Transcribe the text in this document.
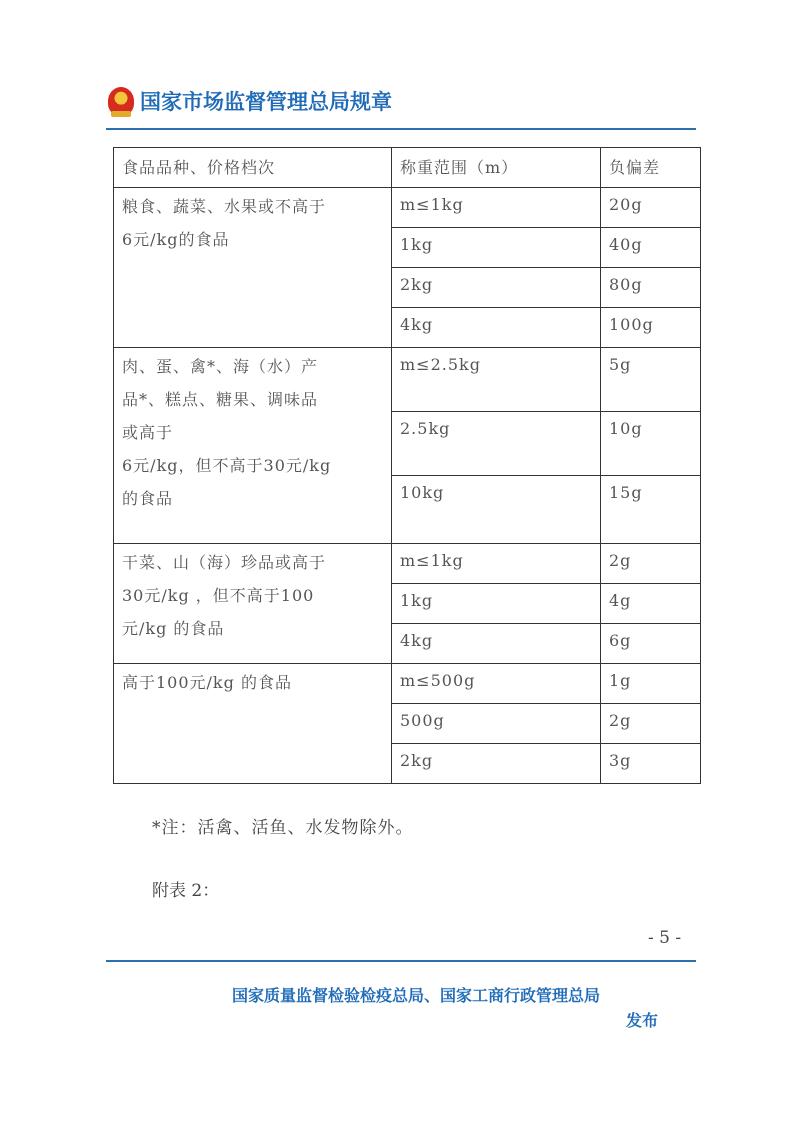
国家市场监督管理总局规章
食品品种、价格档次	称重范围（m）	负偏差

粮食、蔬菜、水果或不高于
6元/kg的食品	m≤1kg	20g
	1kg	40g
	2kg	80g
	4kg	100g

肉、蛋、禽*、海（水）产
品*、糕点、糖果、调味品
或高于
6元/kg，但不高于30元/kg
的食品	m≤2.5kg	5g
	2.5kg	10g
	10kg	15g

干菜、山（海）珍品或高于
30元/kg ，但不高于100
元/kg 的食品	m≤1kg	2g
	1kg	4g
	4kg	6g

高于100元/kg 的食品	m≤500g	1g
	500g	2g
	2kg	3g
*注：活禽、活鱼、水发物除外。
附表 2：
- 5 -
国家质量监督检验检疫总局、国家工商行政管理总局
发布
